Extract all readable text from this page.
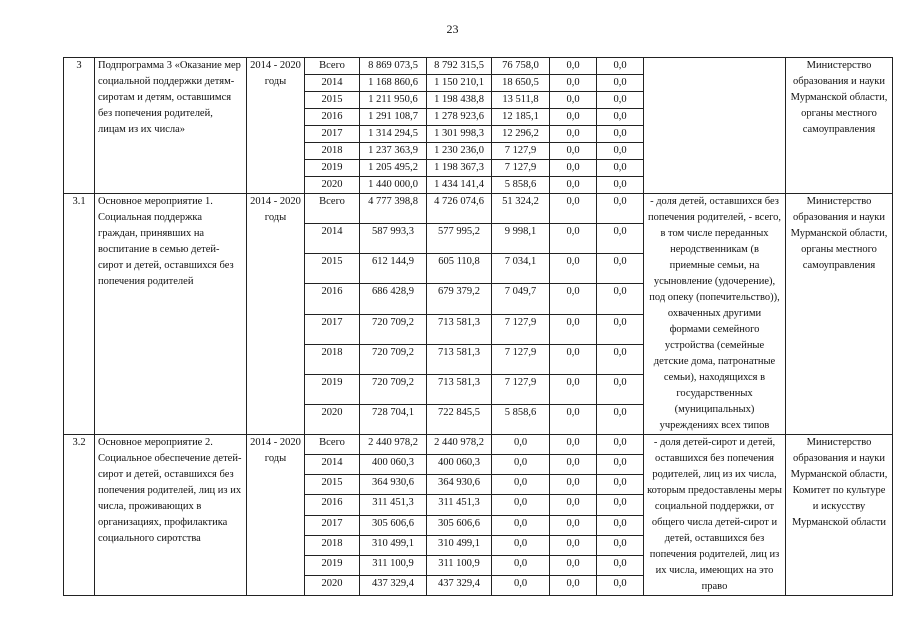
23
3	Подпрограмма 3 «Оказание мер социальной поддержки детям-сиротам и детям, оставшимся без попечения родителей, лицам из их числа»	2014 - 2020 годы	Всего	8 869 073,5	8 792 315,5	76 758,0	0,0	0,0		Министерство образования и науки Мурманской области, органы местного самоуправления
			2014	1 168 860,6	1 150 210,1	18 650,5	0,0	0,0		
			2015	1 211 950,6	1 198 438,8	13 511,8	0,0	0,0		
			2016	1 291 108,7	1 278 923,6	12 185,1	0,0	0,0		
			2017	1 314 294,5	1 301 998,3	12 296,2	0,0	0,0		
			2018	1 237 363,9	1 230 236,0	7 127,9	0,0	0,0		
			2019	1 205 495,2	1 198 367,3	7 127,9	0,0	0,0		
			2020	1 440 000,0	1 434 141,4	5 858,6	0,0	0,0		
3.1	Основное мероприятие 1. Социальная поддержка граждан, принявших на воспитание в семью детей-сирот и детей, оставшихся без попечения родителей	2014 - 2020 годы	Всего	4 777 398,8	4 726 074,6	51 324,2	0,0	0,0	- доля детей, оставшихся без попечения родителей, - всего, в том числе переданных неродственникам (в приемные семьи, на усыновление (удочерение), под опеку (попечительство)), охваченных другими формами семейного устройства (семейные детские дома, патронатные семьи), находящихся в государственных (муниципальных) учреждениях всех типов	Министерство образования и науки Мурманской области, органы местного самоуправления
			2014	587 993,3	577 995,2	9 998,1	0,0	0,0		
			2015	612 144,9	605 110,8	7 034,1	0,0	0,0		
			2016	686 428,9	679 379,2	7 049,7	0,0	0,0		
			2017	720 709,2	713 581,3	7 127,9	0,0	0,0		
			2018	720 709,2	713 581,3	7 127,9	0,0	0,0		
			2019	720 709,2	713 581,3	7 127,9	0,0	0,0		
			2020	728 704,1	722 845,5	5 858,6	0,0	0,0		
3.2	Основное мероприятие 2. Социальное обеспечение детей-сирот и детей, оставшихся без попечения родителей, лиц из их числа, проживающих в организациях, профилактика социального сиротства	2014 - 2020 годы	Всего	2 440 978,2	2 440 978,2	0,0	0,0	0,0	- доля детей-сирот и детей, оставшихся без попечения родителей, лиц из их числа, которым предоставлены меры социальной поддержки, от общего числа детей-сирот и детей, оставшихся без попечения родителей, лиц из их числа, имеющих на это право	Министерство образования и науки Мурманской области, Комитет по культуре и искусству Мурманской области
			2014	400 060,3	400 060,3	0,0	0,0	0,0		
			2015	364 930,6	364 930,6	0,0	0,0	0,0		
			2016	311 451,3	311 451,3	0,0	0,0	0,0		
			2017	305 606,6	305 606,6	0,0	0,0	0,0		
			2018	310 499,1	310 499,1	0,0	0,0	0,0		
			2019	311 100,9	311 100,9	0,0	0,0	0,0		
			2020	437 329,4	437 329,4	0,0	0,0	0,0		
